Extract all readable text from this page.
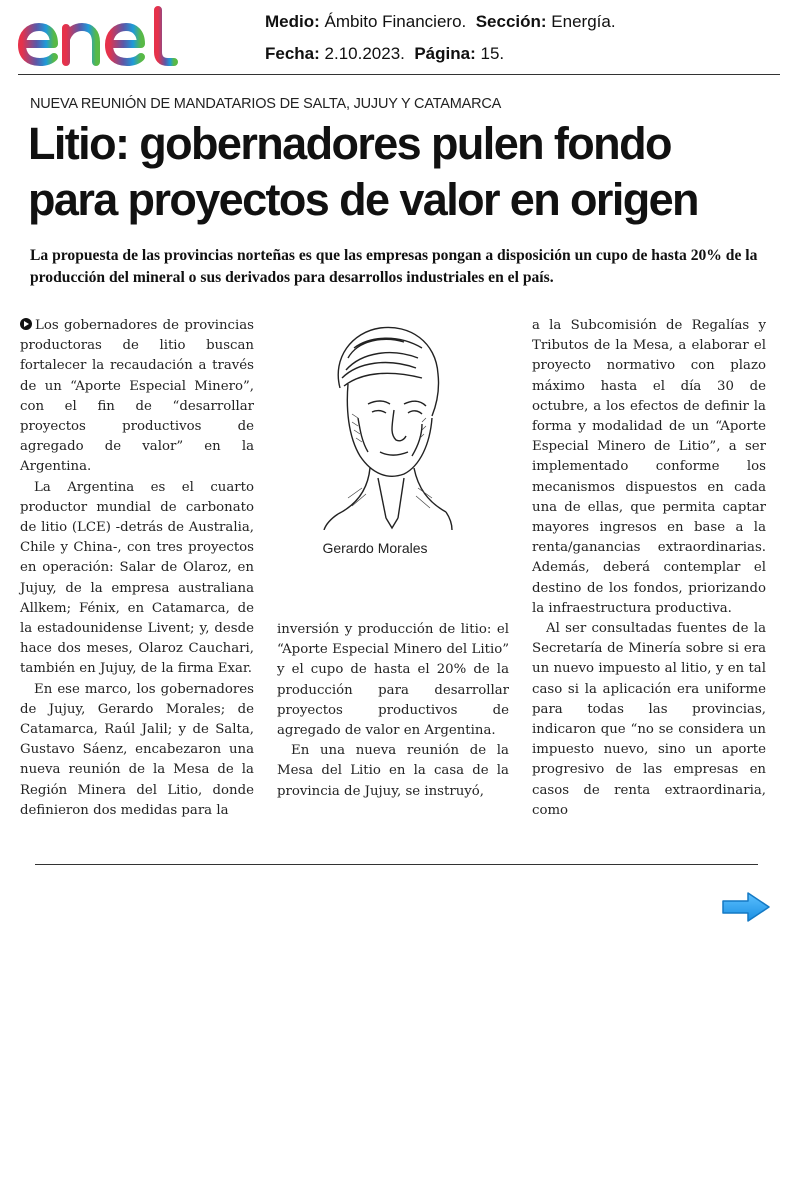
Medio: Ámbito Financiero. Sección: Energía.
Fecha: 2.10.2023. Página: 15.
NUEVA REUNIÓN DE MANDATARIOS DE SALTA, JUJUY Y CATAMARCA
Litio: gobernadores pulen fondo
para proyectos de valor en origen

La propuesta de las provincias norteñas es que las empresas pongan a disposición un cupo de hasta 20% de la producción del mineral o sus derivados para desarrollos industriales en el país.

Los gobernadores de provincias productoras de litio buscan fortalecer la recaudación a través de un “Aporte Especial Minero”, con el fin de “desarrollar proyectos productivos de agregado de valor” en la Argentina.

La Argentina es el cuarto productor mundial de carbonato de litio (LCE) -detrás de Australia, Chile y China-, con tres proyectos en operación: Salar de Olaroz, en Jujuy, de la empresa australiana Allkem; Fénix, en Catamarca, de la estadounidense Livent; y, desde hace dos meses, Olaroz Cauchari, también en Jujuy, de la firma Exar.

En ese marco, los gobernadores de Jujuy, Gerardo Morales; de Catamarca, Raúl Jalil; y de Salta, Gustavo Sáenz, encabezaron una nueva reunión de la Mesa de la Región Minera del Litio, donde definieron dos medidas para la

Gerardo Morales

inversión y producción de litio: el “Aporte Especial Minero del Litio” y el cupo de hasta el 20% de la producción para desarrollar proyectos productivos de agregado de valor en Argentina.

En una nueva reunión de la Mesa del Litio en la casa de la provincia de Jujuy, se instruyó,

a la Subcomisión de Regalías y Tributos de la Mesa, a elaborar el proyecto normativo con plazo máximo hasta el día 30 de octubre, a los efectos de definir la forma y modalidad de un “Aporte Especial Minero de Litio”, a ser implementado conforme los mecanismos dispuestos en cada una de ellas, que permita captar mayores ingresos en base a la renta/ganancias extraordinarias. Además, deberá contemplar el destino de los fondos, priorizando la infraestructura productiva.

Al ser consultadas fuentes de la Secretaría de Minería sobre si era un nuevo impuesto al litio, y en tal caso si la aplicación era uniforme para todas las provincias, indicaron que “no se considera un impuesto nuevo, sino un aporte progresivo de las empresas en casos de renta extraordinaria, como
